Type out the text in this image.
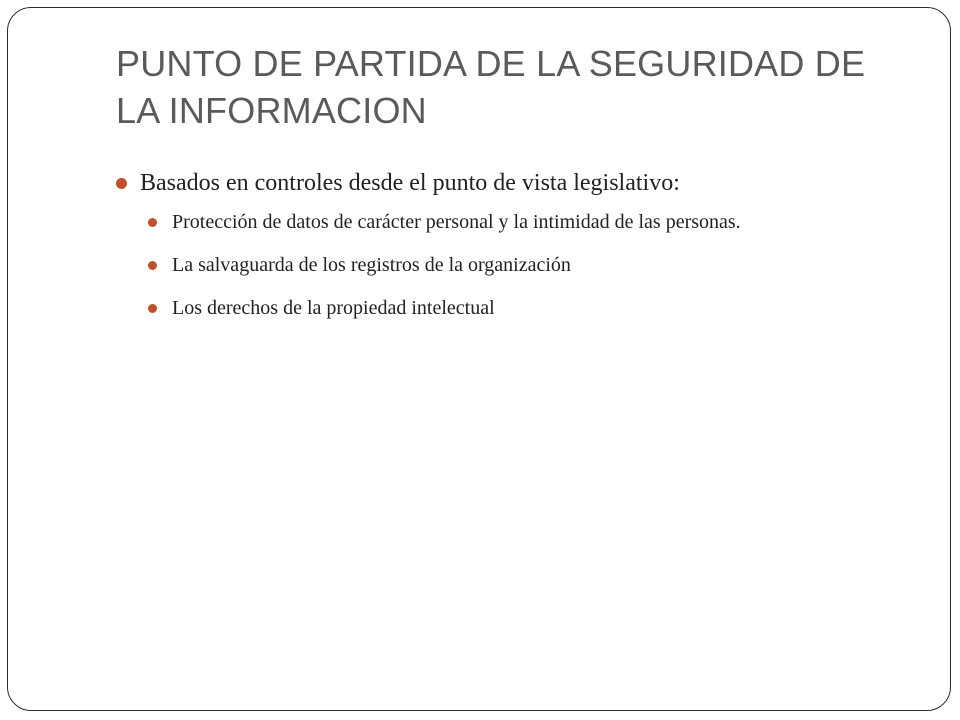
PUNTO DE PARTIDA DE LA SEGURIDAD DE LA INFORMACION
Basados en controles desde el punto de vista legislativo:
Protección de datos de carácter personal y la intimidad de las personas.
La salvaguarda de los registros de la organización
Los derechos de la propiedad intelectual
